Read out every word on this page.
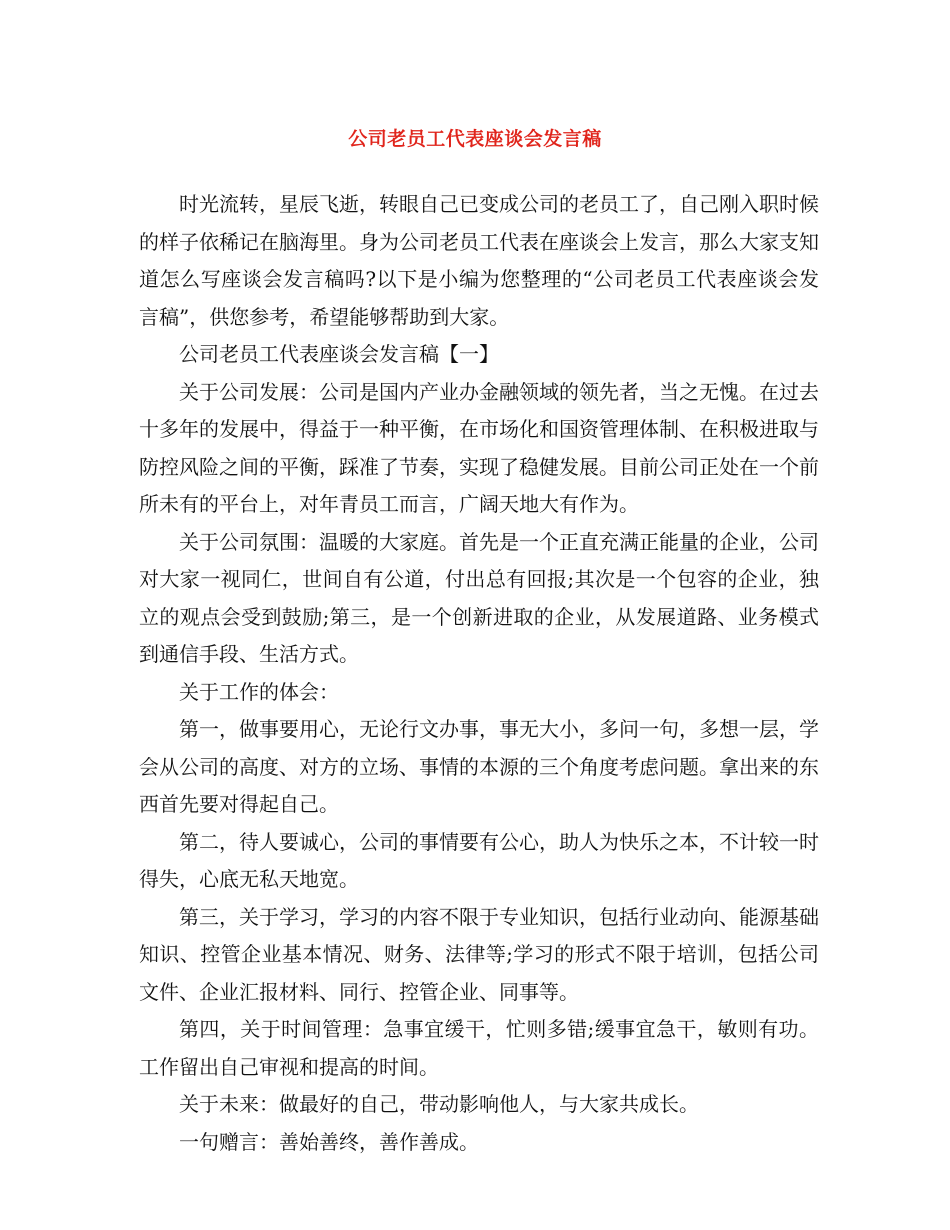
公司老员工代表座谈会发言稿

时光流转，星辰飞逝，转眼自己已变成公司的老员工了，自己刚入职时候的样子依稀记在脑海里。身为公司老员工代表在座谈会上发言，那么大家支知道怎么写座谈会发言稿吗?以下是小编为您整理的“公司老员工代表座谈会发言稿”，供您参考，希望能够帮助到大家。

公司老员工代表座谈会发言稿【一】

关于公司发展：公司是国内产业办金融领域的领先者，当之无愧。在过去十多年的发展中，得益于一种平衡，在市场化和国资管理体制、在积极进取与防控风险之间的平衡，踩准了节奏，实现了稳健发展。目前公司正处在一个前所未有的平台上，对年青员工而言，广阔天地大有作为。

关于公司氛围：温暖的大家庭。首先是一个正直充满正能量的企业，公司对大家一视同仁，世间自有公道，付出总有回报;其次是一个包容的企业，独立的观点会受到鼓励;第三，是一个创新进取的企业，从发展道路、业务模式到通信手段、生活方式。

关于工作的体会：

第一，做事要用心，无论行文办事，事无大小，多问一句，多想一层，学会从公司的高度、对方的立场、事情的本源的三个角度考虑问题。拿出来的东西首先要对得起自己。

第二，待人要诚心，公司的事情要有公心，助人为快乐之本，不计较一时得失，心底无私天地宽。

第三，关于学习，学习的内容不限于专业知识，包括行业动向、能源基础知识、控管企业基本情况、财务、法律等;学习的形式不限于培训，包括公司文件、企业汇报材料、同行、控管企业、同事等。

第四，关于时间管理：急事宜缓干，忙则多错;缓事宜急干，敏则有功。工作留出自己审视和提高的时间。

关于未来：做最好的自己，带动影响他人，与大家共成长。

一句赠言：善始善终，善作善成。
